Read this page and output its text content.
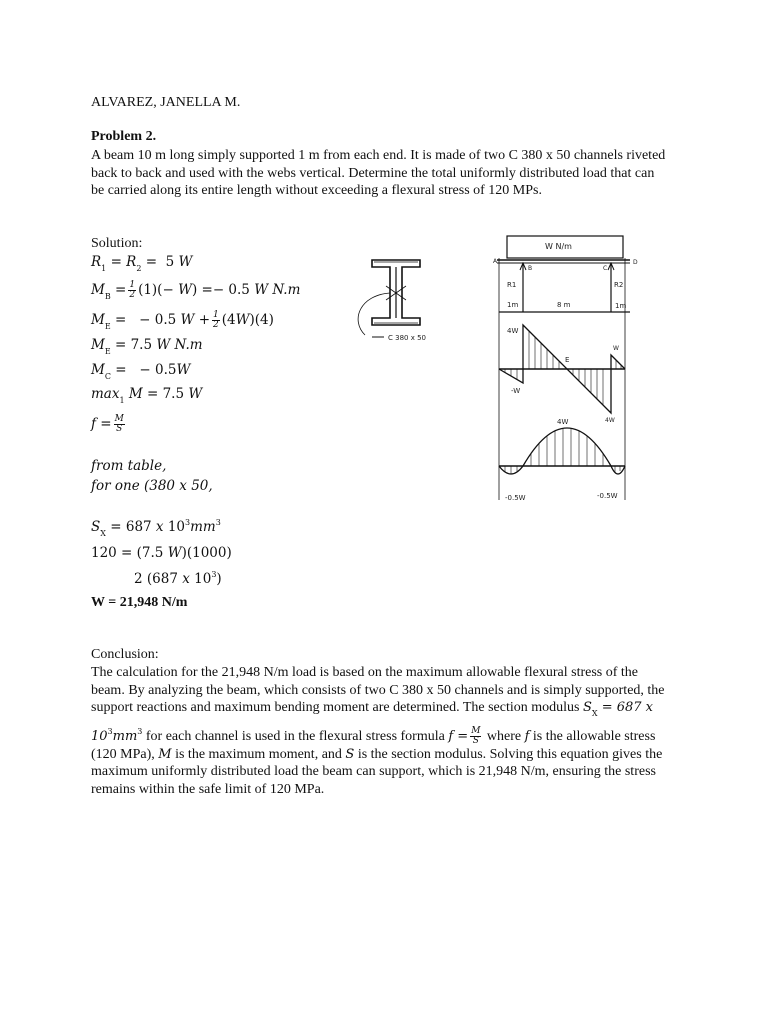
ALVAREZ, JANELLA M.
Problem 2.
A beam 10 m long simply supported 1 m from each end. It is made of two C 380 x 50 channels riveted back to back and used with the webs vertical. Determine the total uniformly distributed load that can be carried along its entire length without exceeding a flexural stress of 120 MPs.
Solution:
$R_1 = R_2 = 5$ W
$M_B = \frac{1}{2} (1)(- W) =- 0.5$ W N.m
$M_E$ =   − 0.5 $W + \frac{1}{2} (4W)(4)$
$M_E = 7.5$ W N.m
$M_C$ =   − 0.5W
$\max_1 M = 7.5$ W
$f = \frac{M}{S}$
from table,
for one (380 x 50,
$S_X = 687$ x $10^3mm^3$
120 = (7.5 W)(1000)
2 (687 x $10^3$)
W = 21,948 N/m
Conclusion:
The calculation for the 21,948 N/m load is based on the maximum allowable flexural stress of the beam. By analyzing the beam, which consists of two C 380 x 50 channels and is simply supported, the support reactions and maximum bending moment are determined. The section modulus $S_X = 687$ x $10^3mm^3$ for each channel is used in the flexural stress formula $f = \frac{M}{S}$ where f is the allowable stress (120 MPa), M is the maximum moment, and S is the section modulus. Solving this equation gives the maximum uniformly distributed load the beam can support, which is 21,948 N/m, ensuring the stress remains within the safe limit of 120 MPa.
C 380 x 50
W N/m
A	D
B	C
R1	R2
1m	8 m	1m
4W
-W
E
W
4W
4W
-0.5W	-0.5W
